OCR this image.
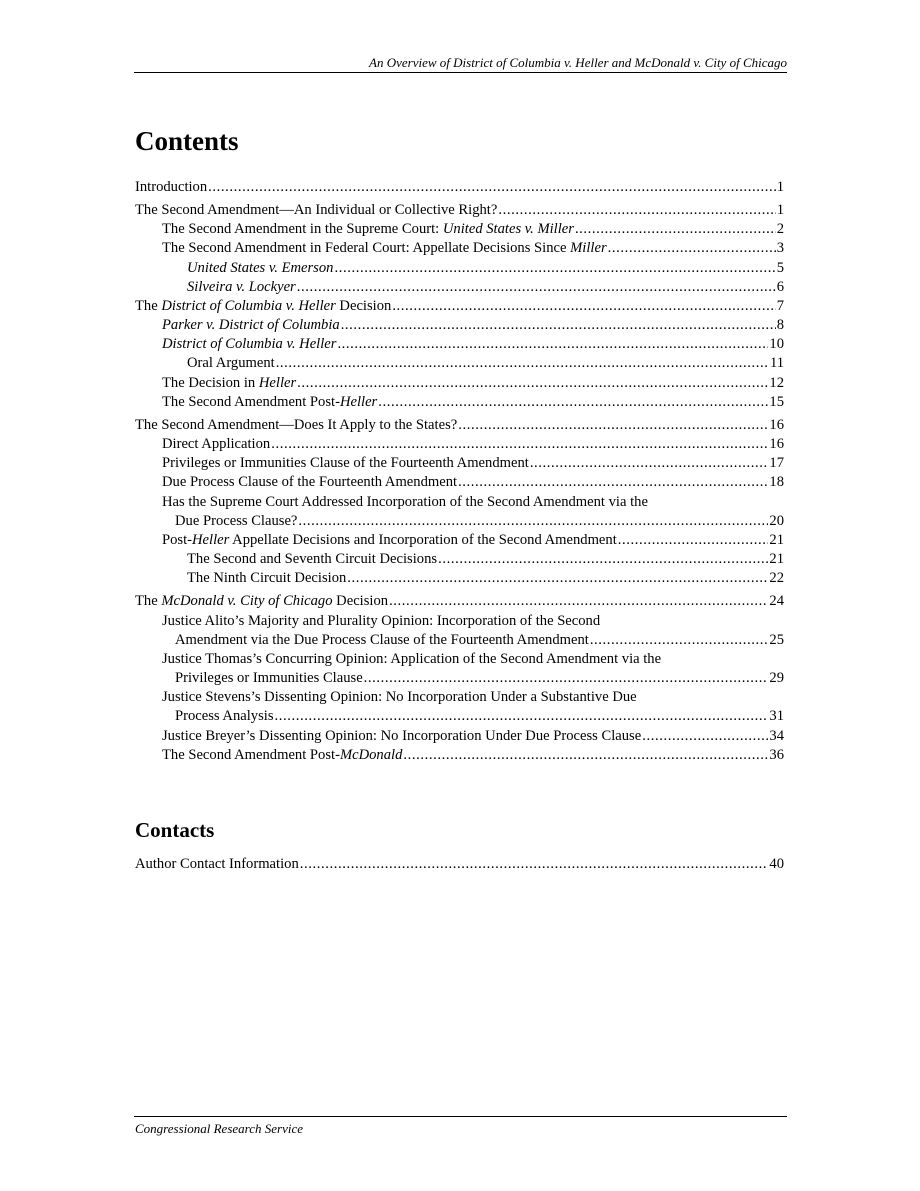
An Overview of District of Columbia v. Heller and McDonald v. City of Chicago
Contents
Introduction .....	1
The Second Amendment—An Individual or Collective Right? .....	1
The Second Amendment in the Supreme Court: United States v. Miller .....	2
The Second Amendment in Federal Court: Appellate Decisions Since Miller .....	3
United States v. Emerson .....	5
Silveira v. Lockyer .....	6
The District of Columbia v. Heller Decision .....	7
Parker v. District of Columbia .....	8
District of Columbia v. Heller .....	10
Oral Argument .....	11
The Decision in Heller .....	12
The Second Amendment Post-Heller .....	15
The Second Amendment—Does It Apply to the States? .....	16
Direct Application .....	16
Privileges or Immunities Clause of the Fourteenth Amendment .....	17
Due Process Clause of the Fourteenth Amendment .....	18
Has the Supreme Court Addressed Incorporation of the Second Amendment via the
Due Process Clause? .....	20
Post-Heller Appellate Decisions and Incorporation of the Second Amendment .....	21
The Second and Seventh Circuit Decisions .....	21
The Ninth Circuit Decision .....	22
The McDonald v. City of Chicago Decision .....	24
Justice Alito’s Majority and Plurality Opinion: Incorporation of the Second
Amendment via the Due Process Clause of the Fourteenth Amendment .....	25
Justice Thomas’s Concurring Opinion: Application of the Second Amendment via the
Privileges or Immunities Clause .....	29
Justice Stevens’s Dissenting Opinion: No Incorporation Under a Substantive Due
Process Analysis .....	31
Justice Breyer’s Dissenting Opinion: No Incorporation Under Due Process Clause .....	34
The Second Amendment Post-McDonald .....	36
Contacts
Author Contact Information .....	40
Congressional Research Service
